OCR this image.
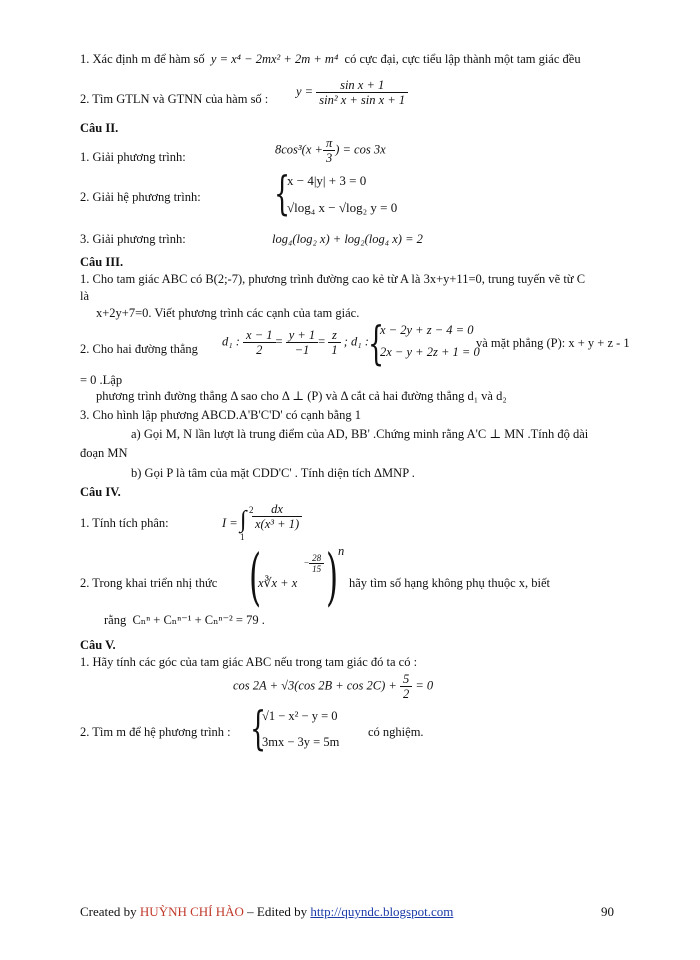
1. Xác định m để hàm số y = x⁴ − 2mx² + 2m + m⁴ có cực đại, cực tiểu lập thành một tam giác đều
2. Tìm GTLN và GTNN của hàm số :
$y = \frac{\text{sin x + 1}}{\text{sin² x + sin x + 1}}$
Câu II.
1. Giải phương trình:
$8\cos^3(x + \frac{\pi}{3}$ ) = cos 3x
2. Giải hệ phương trình: {
x − 4|y| + 3 = 0
√log₄ x − √log₂ y = 0
3. Giải phương trình:	log₄(log₂ x) + log₂(log₄ x) = 2
Câu III.
1. Cho tam giác ABC có B(2;-7), phương trình đường cao kẻ từ A là 3x+y+11=0, trung tuyến vẽ từ C
là
x+2y+7=0. Viết phương trình các cạnh của tam giác.
2. Cho hai đường thẳng
d₁ : $\frac{x - 1}{2} = \frac{y + 1}{-1} = \frac{z}{1}$ ; d₁ : {
x − 2y + z − 4 = 0
2x − y + 2z + 1 = 0
và mặt phẳng (P): x + y + z - 1
= 0 .Lập
phương trình đường thẳng Δ sao cho Δ ⊥ (P) và Δ cắt cả hai đường thẳng d₁ và d₂
3. Cho hình lập phương ABCD.A'B'C'D' có cạnh bằng 1
a) Gọi M, N lần lượt là trung điểm của AD, BB' .Chứng minh rằng A'C ⊥ MN .Tính độ dài
đoạn MN
b) Gọi P là tâm của mặt CDD'C' . Tính diện tích ΔMNP .
Câu IV.
1. Tính tích phân:	I = ∫ 2
1
$\frac{dx}{\text{x(x³ + 1)}}$
2. Trong khai triển nhị thức (
x∛x + x
− $\frac{28}{15}$ ) n
hãy tìm số hạng không phụ thuộc x, biết
rằng Cₙⁿ + Cₙⁿ⁻¹ + Cₙⁿ⁻² = 79 .
Câu V.
1. Hãy tính các góc của tam giác ABC nếu trong tam giác đó ta có :
cos 2A + √3(cos $2B + \cos 2C) + \frac{5}{2} = 0$
2. Tìm m để hệ phương trình : {
√1 − x² − y = 0
3mx − 3y = 5m
có nghiệm.
Created by HUỲNH CHÍ HÀO – Edited by http://quyndc.blogspot.com	90
